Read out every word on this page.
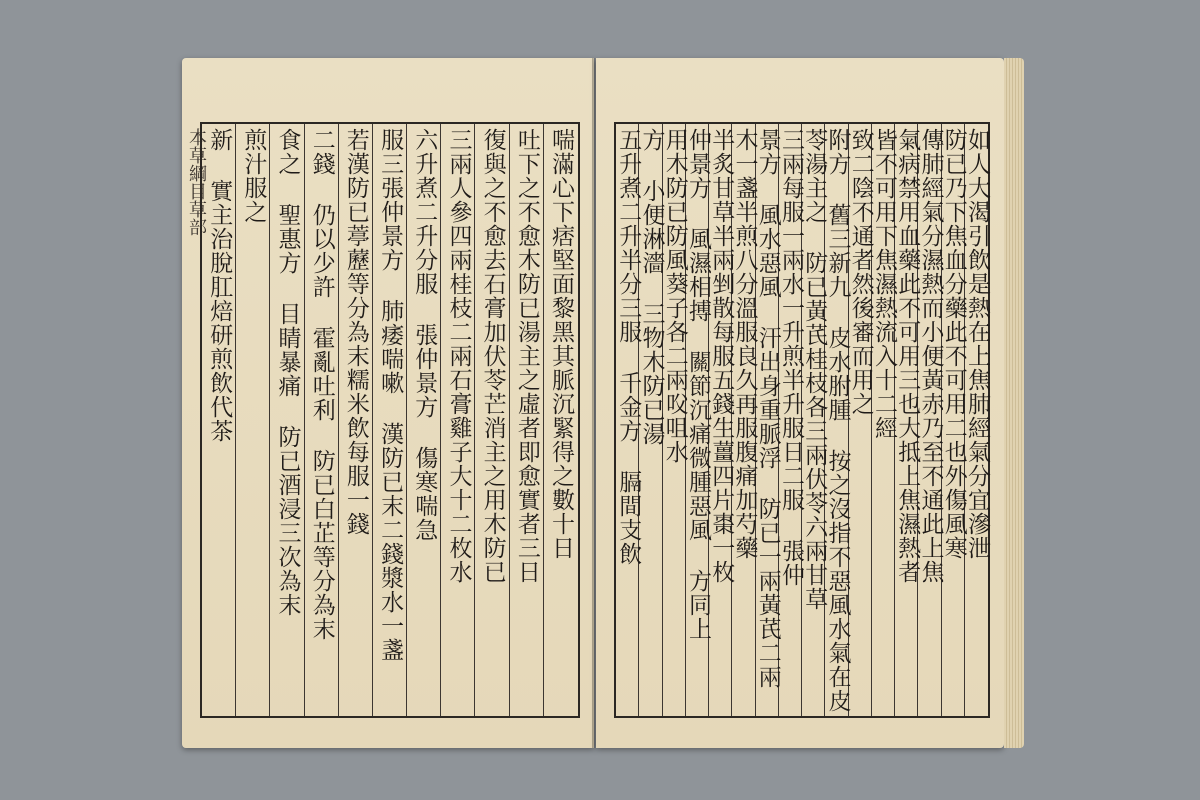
本草綱目草部	喘滿心下痞堅面黎黑其脈沉緊得之數十日
吐下之不愈木防已湯主之虛者即愈實者三日
復與之不愈去石膏加伏苓芒消主之用木防已
三兩人參四兩桂枝二兩石膏雞子大十二枚水
六升煮二升分服 張仲景方 傷寒喘急
服三張仲景方 肺痿喘嗽 漢防已末二錢漿水一盞
若漢防已葶藶等分為末糯米飲每服一錢
二錢 仍以少許 霍亂吐利 防已白芷等分為末
食之 聖惠方 目睛暴痛 防已酒浸三次為末
煎汁服之
新 實主治脫肛焙研煎飲代茶	如人大渴引飲是熱在上焦肺經氣分宜滲泄
防已乃下焦血分藥此不可用二也外傷風寒
傳肺經氣分濕熱而小便黃赤乃至不通此上焦
氣病禁用血藥此不可用三也大抵上焦濕熱者
皆不可用下焦濕熱流入十二經
致二陰不通者然後審而用之
附方 舊三新九 皮水胕腫 按之沒指不惡風水氣在皮
苓湯主之 防已黃芪桂枝各三兩伏苓六兩甘草
三兩每服一兩水一升煎半升服日二服 張仲
景方 風水惡風 汗出身重脈浮 防已一兩黃芪二兩
木一盞半煎八分溫服良久再服腹痛加芍藥
半炙甘草半兩剉散每服五錢生薑四片棗一枚
仲景方 風濕相搏 關節沉痛微腫惡風 方同上
用木防已防風葵子各二兩㕮咀水
方 小便淋濇 三物木防已湯
五升煮二升半分三服 千金方 膈間支飲
